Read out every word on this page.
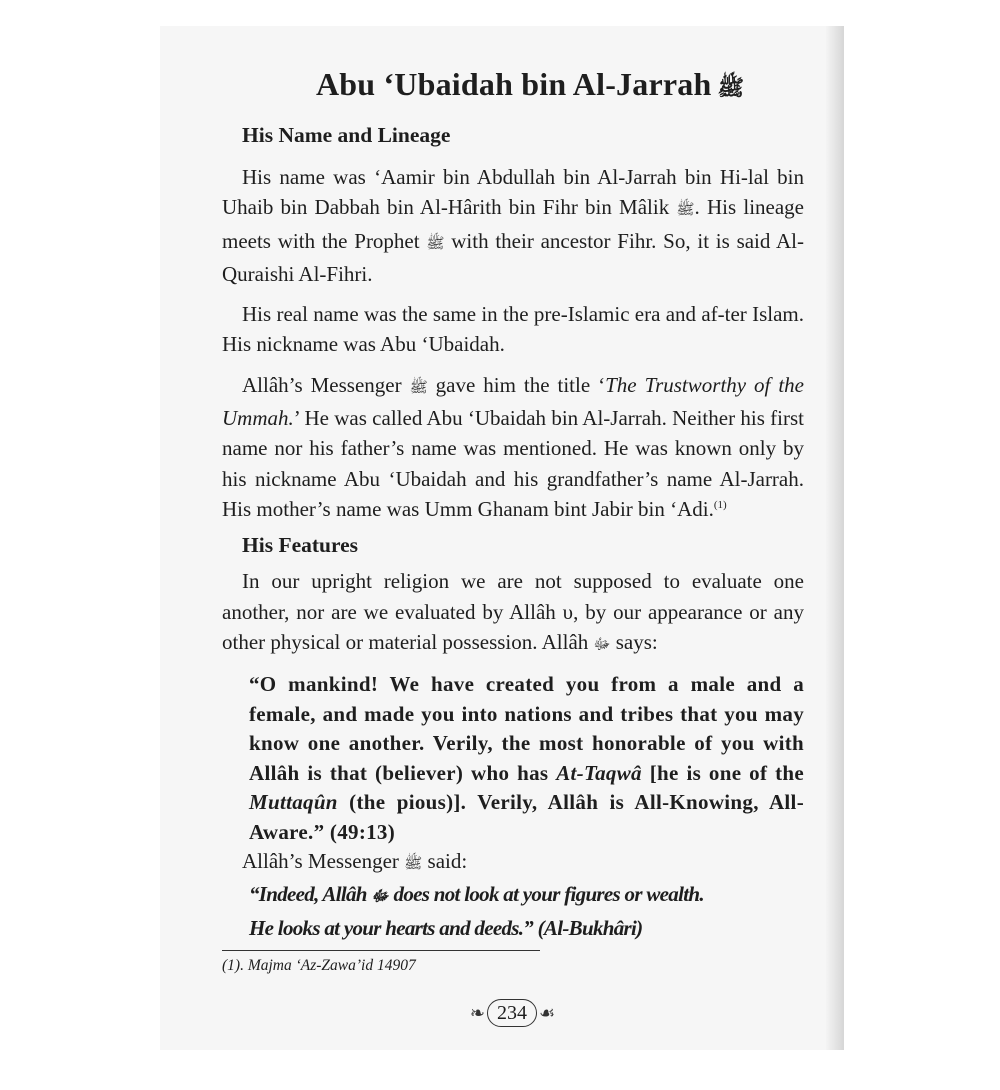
Abu ‘Ubaidah bin Al-Jarrah ﷺ
His Name and Lineage

His name was ‘Aamir bin Abdullah bin Al-Jarrah bin Hi-lal bin Uhaib bin Dabbah bin Al-Hârith bin Fihr bin Mâlik ﷺ. His lineage meets with the Prophet ﷺ with their ancestor Fihr. So, it is said Al-Quraishi Al-Fihri.

His real name was the same in the pre-Islamic era and af-ter Islam. His nickname was Abu ‘Ubaidah.

Allâh’s Messenger ﷺ gave him the title ‘The Trustworthy of the Ummah.’ He was called Abu ‘Ubaidah bin Al-Jarrah. Neither his first name nor his father’s name was mentioned. He was known only by his nickname Abu ‘Ubaidah and his grandfather’s name Al-Jarrah. His mother’s name was Umm Ghanam bint Jabir bin ‘Adi.$^{(1)}$

His Features

In our upright religion we are not supposed to evaluate one another, nor are we evaluated by Allâh υ, by our appearance or any other physical or material possession. Allâh ﷻ says:

“O mankind! We have created you from a male and a female, and made you into nations and tribes that you may know one another. Verily, the most honorable of you with Allâh is that (believer) who has At-Taqwâ [he is one of the Muttaqûn (the pious)]. Verily, Allâh is All-Knowing, All-Aware.” (49:13)

Allâh’s Messenger ﷺ said:

“Indeed, Allâh ﷻ does not look at your figures or wealth.
He looks at your hearts and deeds.” (Al-Bukhâri)

(1). Majma ‘Az-Zawa’id 14907

❧ 234 ☙
